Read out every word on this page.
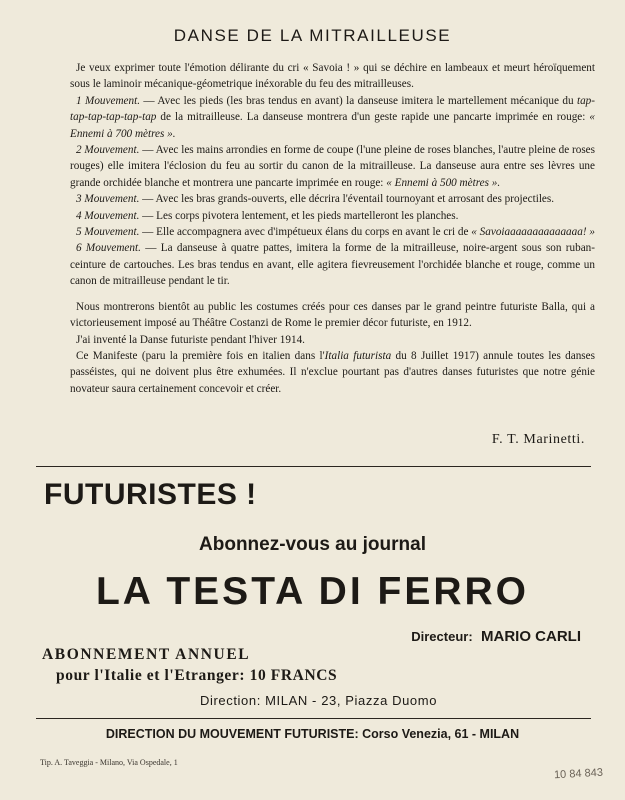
DANSE DE LA MITRAILLEUSE

Je veux exprimer toute l'émotion délirante du cri « Savoia ! » qui se déchire en lambeaux et meurt héroïquement sous le laminoir mécanique-géometrique inéxorable du feu des mitrailleuses.

1 Mouvement. — Avec les pieds (les bras tendus en avant) la danseuse imitera le martellement mécanique du tap-tap-tap-tap-tap-tap de la mitrailleuse. La danseuse montrera d'un geste rapide une pancarte imprimée en rouge: « Ennemi à 700 mètres ».

2 Mouvement. — Avec les mains arrondies en forme de coupe (l'une pleine de roses blanches, l'autre pleine de roses rouges) elle imitera l'éclosion du feu au sortir du canon de la mitrailleuse. La danseuse aura entre ses lèvres une grande orchidée blanche et montrera une pancarte imprimée en rouge: « Ennemi à 500 mètres ».

3 Mouvement. — Avec les bras grands-ouverts, elle décrira l'éventail tournoyant et arrosant des projectiles.

4 Mouvement. — Les corps pivotera lentement, et les pieds martelleront les planches.

5 Mouvement. — Elle accompagnera avec d'impétueux élans du corps en avant le cri de « Savoiaaaaaaaaaaaaaa! »

6 Mouvement. — La danseuse à quatre pattes, imitera la forme de la mitrailleuse, noire-argent sous son ruban-ceinture de cartouches. Les bras tendus en avant, elle agitera fievreusement l'orchidée blanche et rouge, comme un canon de mitrailleuse pendant le tir.

Nous montrerons bientôt au public les costumes créés pour ces danses par le grand peintre futuriste Balla, qui a victorieusement imposé au Théâtre Costanzi de Rome le premier décor futuriste, en 1912.

J'ai inventé la Danse futuriste pendant l'hiver 1914.

Ce Manifeste (paru la première fois en italien dans l'Italia futurista du 8 Juillet 1917) annule toutes les danses passéistes, qui ne doivent plus être exhumées. Il n'exclue pourtant pas d'autres danses futuristes que notre génie novateur saura certainement concevoir et créer.

F. T. Marinetti.
FUTURISTES !
Abonnez-vous au journal
LA TESTA DI FERRO
Directeur: MARIO CARLI
ABONNEMENT ANNUEL
pour l'Italie et l'Etranger: 10 FRANCS
Direction: MILAN - 23, Piazza Duomo
DIRECTION DU MOUVEMENT FUTURISTE: Corso Venezia, 61 - MILAN
Tip. A. Taveggia - Milano, Via Ospedale, 1
10 84 843
